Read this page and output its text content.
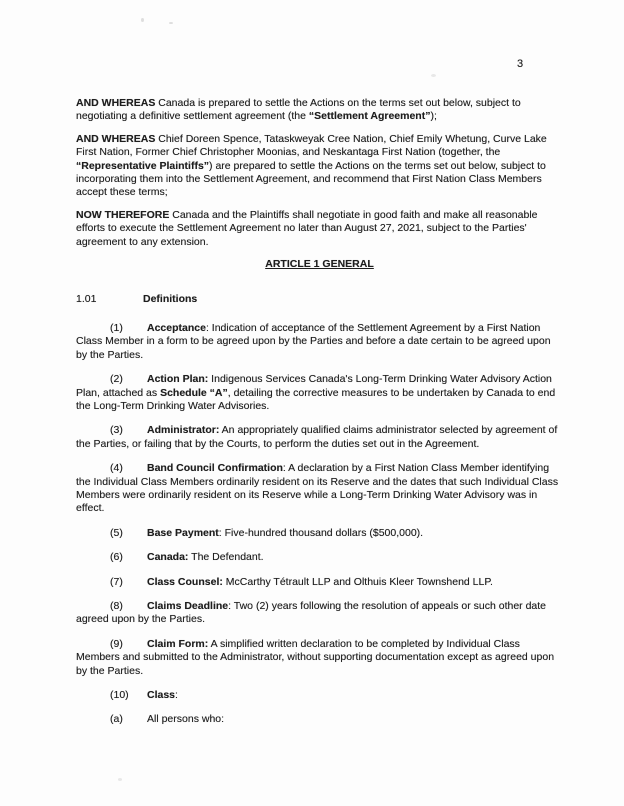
3

AND WHEREAS Canada is prepared to settle the Actions on the terms set out below, subject to negotiating a definitive settlement agreement (the “Settlement Agreement”);

AND WHEREAS Chief Doreen Spence, Tataskweyak Cree Nation, Chief Emily Whetung, Curve Lake First Nation, Former Chief Christopher Moonias, and Neskantaga First Nation (together, the “Representative Plaintiffs”) are prepared to settle the Actions on the terms set out below, subject to incorporating them into the Settlement Agreement, and recommend that First Nation Class Members accept these terms;

NOW THEREFORE Canada and the Plaintiffs shall negotiate in good faith and make all reasonable efforts to execute the Settlement Agreement no later than August 27, 2021, subject to the Parties' agreement to any extension.

ARTICLE 1 GENERAL

1.01	Definitions

(1) Acceptance: Indication of acceptance of the Settlement Agreement by a First Nation Class Member in a form to be agreed upon by the Parties and before a date certain to be agreed upon by the Parties.

(2) Action Plan: Indigenous Services Canada's Long-Term Drinking Water Advisory Action Plan, attached as Schedule “A”, detailing the corrective measures to be undertaken by Canada to end the Long-Term Drinking Water Advisories.

(3) Administrator: An appropriately qualified claims administrator selected by agreement of the Parties, or failing that by the Courts, to perform the duties set out in the Agreement.

(4) Band Council Confirmation: A declaration by a First Nation Class Member identifying the Individual Class Members ordinarily resident on its Reserve and the dates that such Individual Class Members were ordinarily resident on its Reserve while a Long-Term Drinking Water Advisory was in effect.

(5) Base Payment: Five-hundred thousand dollars ($500,000).

(6) Canada: The Defendant.

(7) Class Counsel: McCarthy Tétrault LLP and Olthuis Kleer Townshend LLP.

(8) Claims Deadline: Two (2) years following the resolution of appeals or such other date agreed upon by the Parties.

(9) Claim Form: A simplified written declaration to be completed by Individual Class Members and submitted to the Administrator, without supporting documentation except as agreed upon by the Parties.

(10) Class:

(a) All persons who:
